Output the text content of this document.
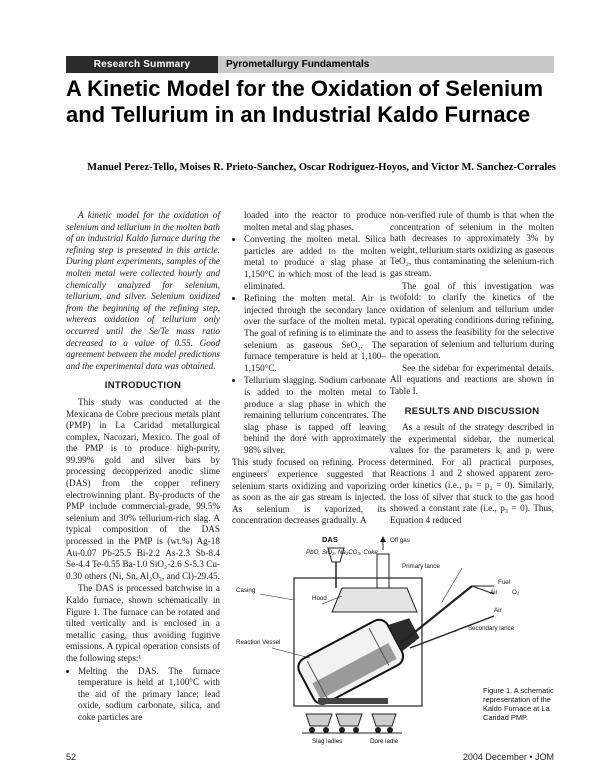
Research Summary	Pyrometallurgy Fundamentals
A Kinetic Model for the Oxidation of Selenium and Tellurium in an Industrial Kaldo Furnace
Manuel Perez-Tello, Moises R. Prieto-Sanchez, Oscar Rodriguez-Hoyos, and Victor M. Sanchez-Corrales

A kinetic model for the oxidation of selenium and tellurium in the molten bath of an industrial Kaldo furnace during the refining step is presented in this article. During plant experiments, samples of the molten metal were collected hourly and chemically analyzed for selenium, tellurium, and silver. Selenium oxidized from the beginning of the refining step, whereas oxidation of tellurium only occurred until the Se/Te mass ratio decreased to a value of 0.55. Good agreement between the model predictions and the experimental data was obtained.

INTRODUCTION

This study was conducted at the Mexicana de Cobre precious metals plant (PMP) in La Caridad metallurgical complex, Nacozari, Mexico. The goal of the PMP is to produce high-purity, 99.99% gold and silver bars by processing decopperized anodic slime (DAS) from the copper refinery electrowinning plant. By-products of the PMP include commercial-grade, 99.5% selenium and 30% tellurium-rich slag. A typical composition of the DAS processed in the PMP is (wt.%) Ag-18 Au-0.07 Pb-25.5 Bi-2.2 As-2.3 Sb-8.4 Se-4.4 Te-0.55 Ba-1.0 SiO₂-2.6 S-5.3 Cu-0.30 others (Ni, Sn, Al₂O₃, and Cl)-29.45.

The DAS is processed batchwise in a Kaldo furnace, shown schematically in Figure 1. The furnace can be rotated and tilted vertically and is enclosed in a metallic casing, thus avoiding fugitive emissions. A typical operation consists of the following steps:¹

• Melting the DAS. The furnace temperature is held at 1,100°C with the aid of the primary lance; lead oxide, sodium carbonate, silica, and coke particles are

loaded into the reactor to produce molten metal and slag phases.

• Converting the molten metal. Silica particles are added to the molten metal to produce a slag phase at 1,150°C in which most of the lead is eliminated.
• Refining the molten metal. Air is injected through the secondary lance over the surface of the molten metal. The goal of refining is to eliminate the selenium as gaseous SeO₂. The furnace temperature is held at 1,100–1,150°C.
• Tellurium slagging. Sodium carbonate is added to the molten metal to produce a slag phase in which the remaining tellurium concentrates. The slag phase is tapped off leaving behind the doré with approximately 98% silver.

This study focused on refining. Process engineers' experience suggested that selenium starts oxidizing and vaporizing as soon as the air gas stream is injected. As selenium is vaporized, its concentration decreases gradually. A

non-verified rule of thumb is that when the concentration of selenium in the molten bath decreases to approximately 3% by weight, tellurium starts oxidizing as gaseous TeO₂, thus contaminating the selenium-rich gas stream.

The goal of this investigation was twofold: to clarify the kinetics of the oxidation of selenium and tellurium under typical operating conditions during refining, and to assess the feasibility for the selective separation of selenium and tellurium during the operation.

See the sidebar for experimental details. All equations and reactions are shown in Table I.

RESULTS AND DISCUSSION

As a result of the strategy described in the experimental sidebar, the numerical values for the parameters kᵢ and pᵢ were determined. For all practical purposes, Reactions 1 and 2 showed apparent zero-order kinetics (i.e., pₛ = p₂ = 0). Similarly, the loss of silver that stuck to the gas hood showed a constant rate (i.e., p₃ = 0). Thus, Equation 4 reduced

DAS
PbO, SiO₂, Na₂CO₃, Coke
Off gas
Hood
Primary lance
Fuel
Air O₂
Air
Casing
Reaction Vessel
Secondary lance
Slag ladles	Dore ladle
Figure 1. A schematic representation of the Kaldo Furnace at La Caridad PMP.
52	2004 December • JOM
